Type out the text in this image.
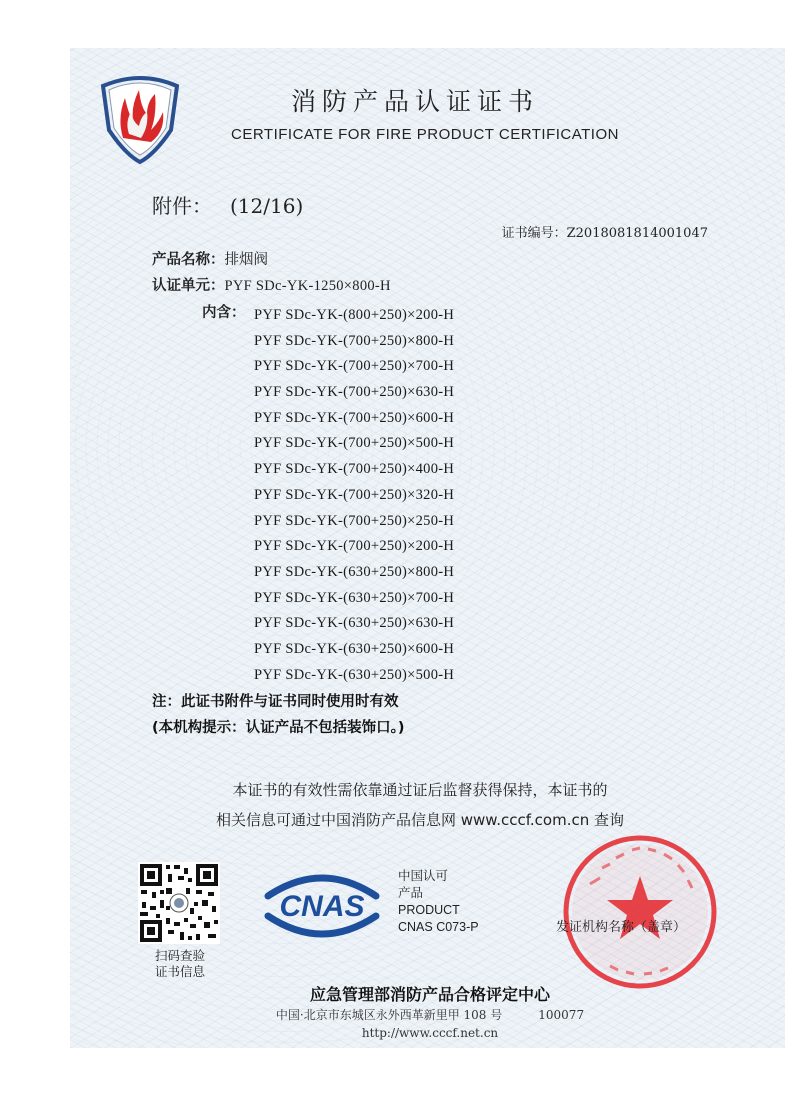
消防产品认证证书
CERTIFICATE FOR FIRE PRODUCT CERTIFICATION
附件： (12/16)
证书编号：Z2018081814001047
产品名称：排烟阀
认证单元：PYF SDc-YK-1250×800-H
内含： PYF SDc-YK-(800+250)×200-H
PYF SDc-YK-(700+250)×800-H
PYF SDc-YK-(700+250)×700-H
PYF SDc-YK-(700+250)×630-H
PYF SDc-YK-(700+250)×600-H
PYF SDc-YK-(700+250)×500-H
PYF SDc-YK-(700+250)×400-H
PYF SDc-YK-(700+250)×320-H
PYF SDc-YK-(700+250)×250-H
PYF SDc-YK-(700+250)×200-H
PYF SDc-YK-(630+250)×800-H
PYF SDc-YK-(630+250)×700-H
PYF SDc-YK-(630+250)×630-H
PYF SDc-YK-(630+250)×600-H
PYF SDc-YK-(630+250)×500-H
注：此证书附件与证书同时使用时有效
(本机构提示：认证产品不包括装饰口。)
本证书的有效性需依靠通过证后监督获得保持，本证书的
相关信息可通过中国消防产品信息网 www.cccf.com.cn 查询
扫码查验
证书信息
CNAS
中国认可
产品
PRODUCT
CNAS C073-P	发证机构名称（盖章）
应急管理部消防产品合格评定中心
中国·北京市东城区永外西革新里甲 108 号	100077
http://www.cccf.net.cn
